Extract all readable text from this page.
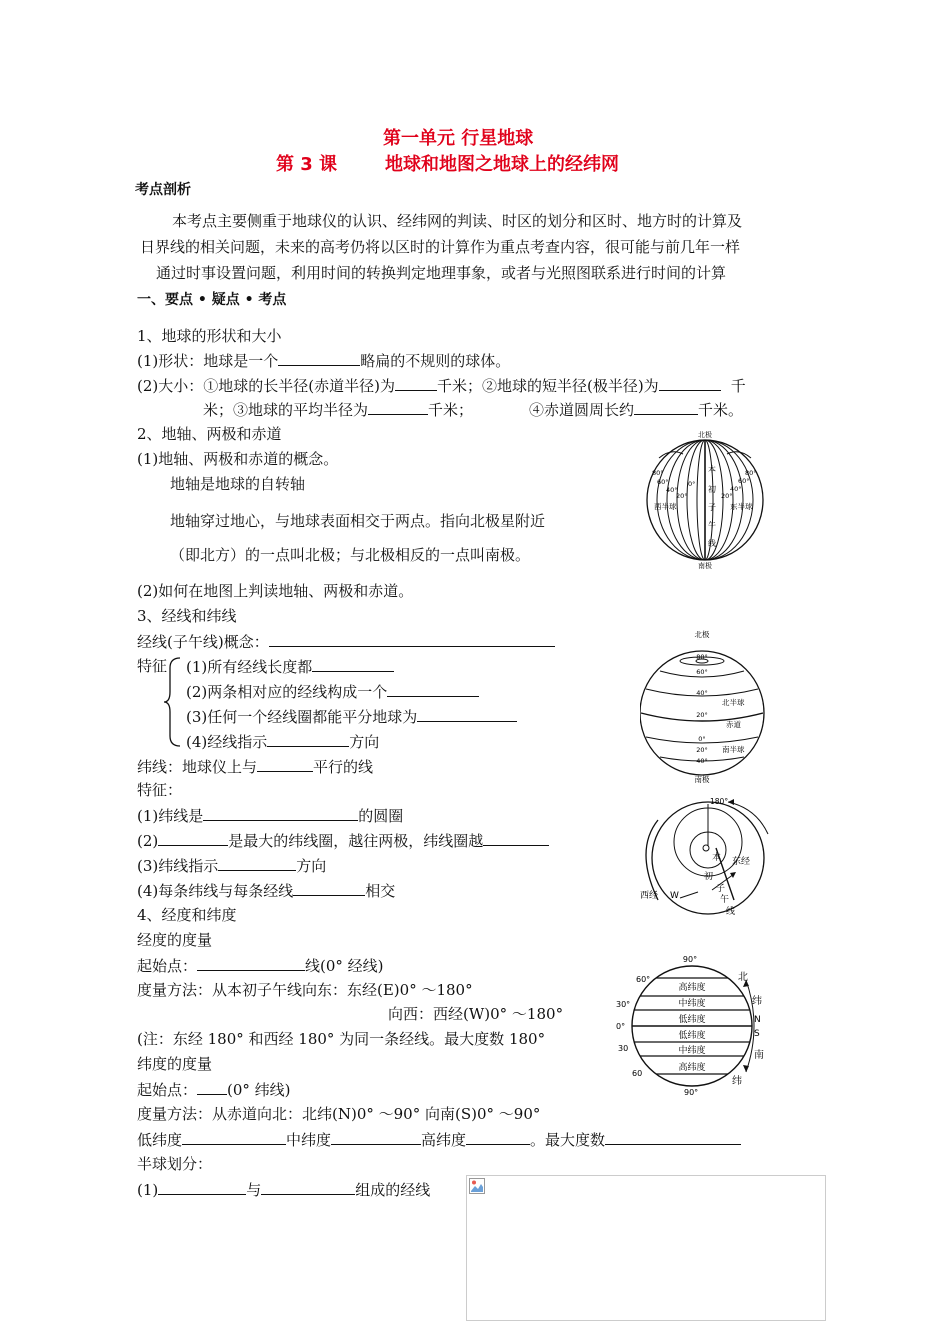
第一单元 行星地球
第 3 课	地球和地图之地球上的经纬网
考点剖析
本考点主要侧重于地球仪的认识、经纬网的判读、时区的划分和区时、地方时的计算及
日界线的相关问题，未来的高考仍将以区时的计算作为重点考查内容，很可能与前几年一样
通过时事设置问题，利用时间的转换判定地理事象，或者与光照图联系进行时间的计算
一、要点 • 疑点 • 考点
1、地球的形状和大小
(1)形状：地球是一个	略扁的不规则的球体。
(2)大小：①地球的长半径(赤道半径)为	千米；②地球的短半径(极半径)为	千
米；③地球的平均半径为	千米；	④赤道圆周长约	千米。
2、地轴、两极和赤道
(1)地轴、两极和赤道的概念。
地轴是地球的自转轴
地轴穿过地心，与地球表面相交于两点。指向北极星附近
（即北方）的一点叫北极；与北极相反的一点叫南极。
(2)如何在地图上判读地轴、两极和赤道。
3、经线和纬线
经线(子午线)概念：
特征 (1)所有经线长度都
(2)两条相对应的经线构成一个
(3)任何一个经线圈都能平分地球为
(4)经线指示	方向
纬线：地球仪上与	平行的线
特征：
(1)纬线是	的圆圈
(2)	是最大的纬线圈，越往两极，纬线圈越
(3)纬线指示	方向
(4)每条纬线与每条经线	相交
4、经度和纬度
经度的度量
起始点：	线(0° 经线)
度量方法：从本初子午线向东：东经(E)0° ～180°
向西：西经(W)0° ～180°
(注：东经 180° 和西经 180° 为同一条经线。最大度数 180°
纬度的度量
起始点： (0° 纬线)
度量方法：从赤道向北：北纬(N)0° ～90° 向南(S)0° ～90°
低纬度	中纬度	高纬度	。最大度数
半球划分：
(1)	与	组成的经线
北极
南极
80°
60°
40°
20°
0°
20°
40°
60°
80°
西半球	东半球
本
初
子
午
线
北极
南极
80°
60°
40°
20°
0°
20°
40°
北半球
赤道
南半球
180°
本
初
子
午
线
东经
西经 W
90°
60°
30°
0°
30
60
90°
高纬度
中纬度
低纬度
低纬度
中纬度
高纬度
北
纬
N
S
南
纬
